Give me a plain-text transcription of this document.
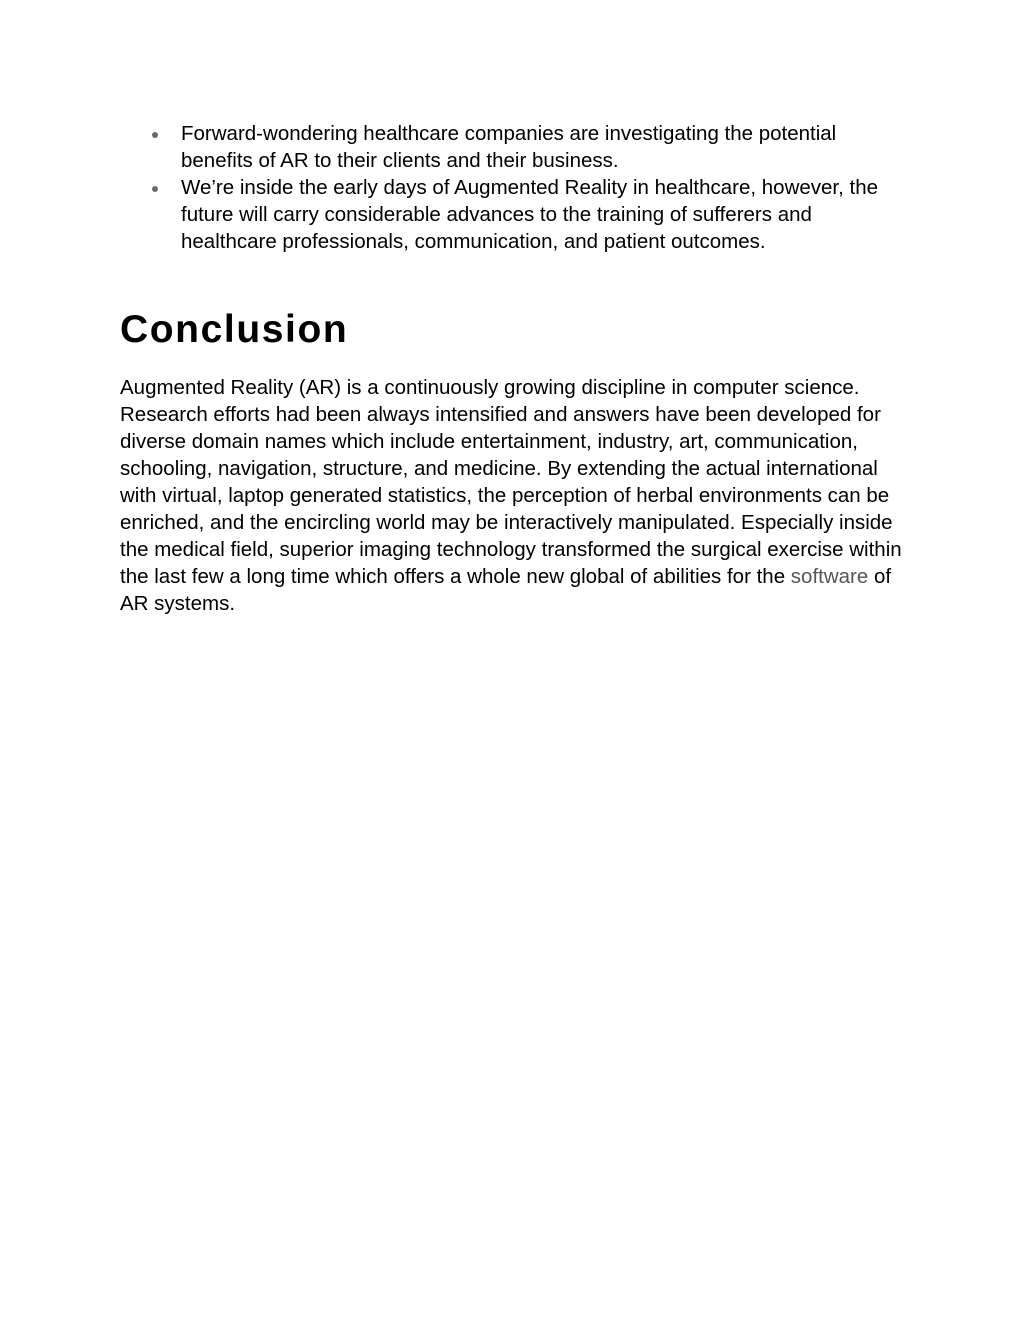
Forward-wondering healthcare companies are investigating the potential benefits of AR to their clients and their business.
We’re inside the early days of Augmented Reality in healthcare, however, the future will carry considerable advances to the training of sufferers and healthcare professionals, communication, and patient outcomes.
Conclusion

Augmented Reality (AR) is a continuously growing discipline in computer science. Research efforts had been always intensified and answers have been developed for diverse domain names which include entertainment, industry, art, communication, schooling, navigation, structure, and medicine. By extending the actual international with virtual, laptop generated statistics, the perception of herbal environments can be enriched, and the encircling world may be interactively manipulated. Especially inside the medical field, superior imaging technology transformed the surgical exercise within the last few a long time which offers a whole new global of abilities for the software of AR systems.
